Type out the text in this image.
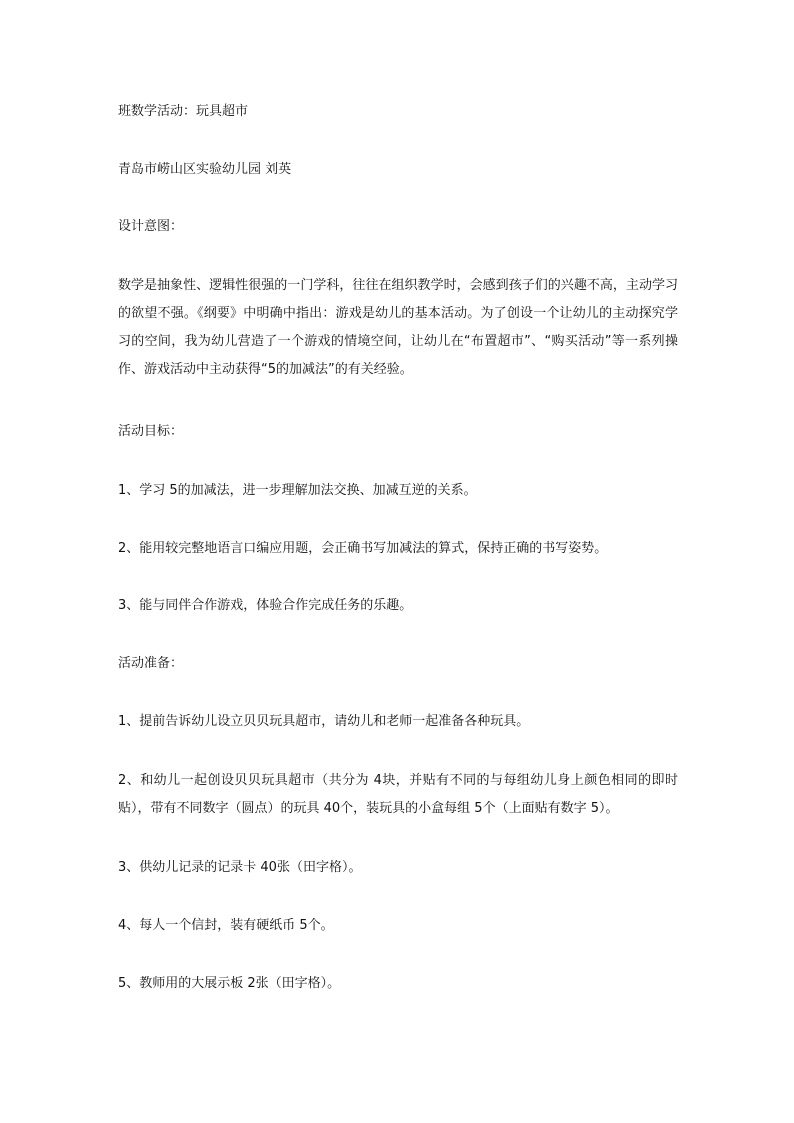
班数学活动：玩具超市
青岛市崂山区实验幼儿园 刘英
设计意图：
数学是抽象性、逻辑性很强的一门学科，往往在组织教学时，会感到孩子们的兴趣不高，主动学习的欲望不强。《纲要》中明确中指出：游戏是幼儿的基本活动。为了创设一个让幼儿的主动探究学习的空间，我为幼儿营造了一个游戏的情境空间，让幼儿在“布置超市”、“购买活动”等一系列操作、游戏活动中主动获得“5的加减法”的有关经验。
活动目标：
1、学习 5的加减法，进一步理解加法交换、加减互逆的关系。
2、能用较完整地语言口编应用题，会正确书写加减法的算式，保持正确的书写姿势。
3、能与同伴合作游戏，体验合作完成任务的乐趣。
活动准备：
1、提前告诉幼儿设立贝贝玩具超市，请幼儿和老师一起准备各种玩具。
2、和幼儿一起创设贝贝玩具超市（共分为 4块，并贴有不同的与每组幼儿身上颜色相同的即时贴），带有不同数字（圆点）的玩具 40个，装玩具的小盒每组 5个（上面贴有数字 5）。
3、供幼儿记录的记录卡 40张（田字格）。
4、每人一个信封，装有硬纸币 5个。
5、教师用的大展示板 2张（田字格）。
